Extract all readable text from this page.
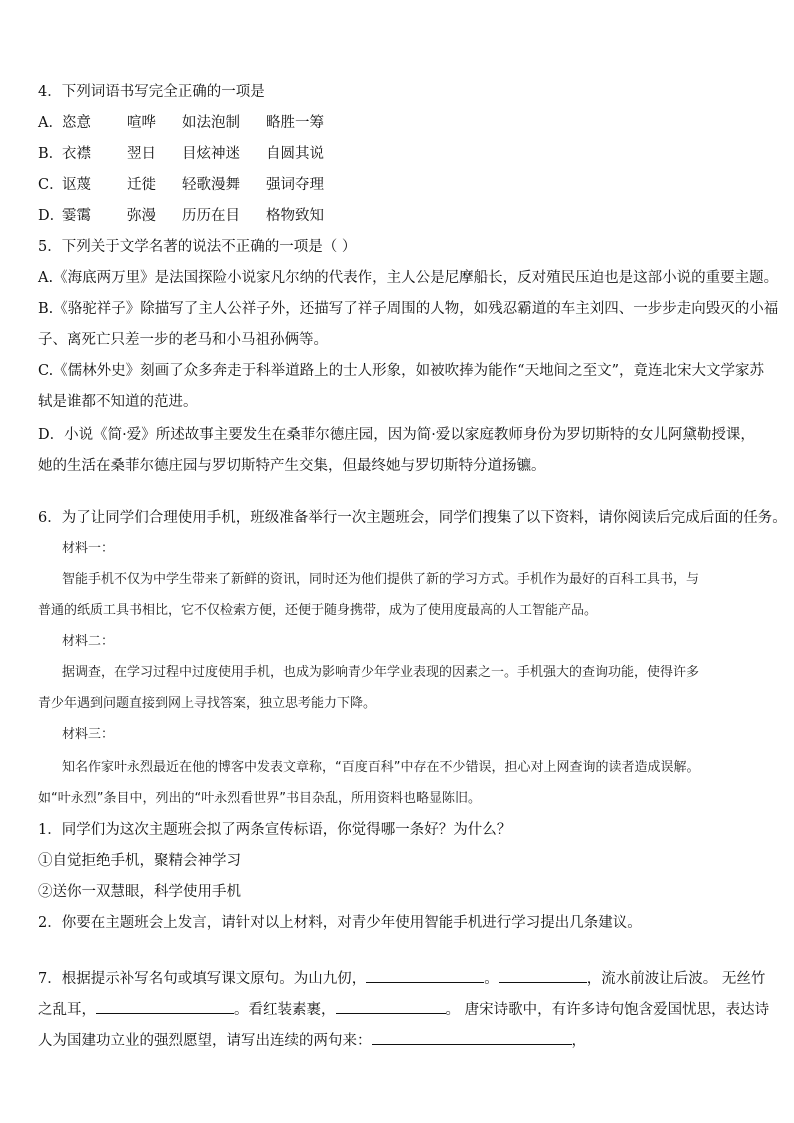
4．下列词语书写完全正确的一项是
A．恣意 喧哗 如法泡制 略胜一筹
B．衣襟 翌日 目炫神迷 自圆其说
C．讴蔑 迁徙 轻歌漫舞 强词夺理
D．霎霭 弥漫 历历在目 格物致知
5．下列关于文学名著的说法不正确的一项是（ ）
A.《海底两万里》是法国探险小说家凡尔纳的代表作，主人公是尼摩船长，反对殖民压迫也是这部小说的重要主题。
B.《骆驼祥子》除描写了主人公祥子外，还描写了祥子周围的人物，如残忍霸道的车主刘四、一步步走向毁灭的小福
子、离死亡只差一步的老马和小马祖孙俩等。
C.《儒林外史》刻画了众多奔走于科举道路上的士人形象，如被吹捧为能作“天地间之至文”，竟连北宋大文学家苏
轼是谁都不知道的范进。
D．小说《简·爱》所述故事主要发生在桑菲尔德庄园，因为简·爱以家庭教师身份为罗切斯特的女儿阿黛勒授课，
她的生活在桑菲尔德庄园与罗切斯特产生交集，但最终她与罗切斯特分道扬镳。
6．为了让同学们合理使用手机，班级准备举行一次主题班会，同学们搜集了以下资料，请你阅读后完成后面的任务。
材料一：
智能手机不仅为中学生带来了新鲜的资讯，同时还为他们提供了新的学习方式。手机作为最好的百科工具书，与
普通的纸质工具书相比，它不仅检索方便，还便于随身携带，成为了使用度最高的人工智能产品。
材料二：
据调查，在学习过程中过度使用手机，也成为影响青少年学业表现的因素之一。手机强大的查询功能，使得许多
青少年遇到问题直接到网上寻找答案，独立思考能力下降。
材料三：
知名作家叶永烈最近在他的博客中发表文章称，“百度百科”中存在不少错误，担心对上网查询的读者造成误解。
如“叶永烈”条目中，列出的“叶永烈看世界”书目杂乱，所用资料也略显陈旧。
1．同学们为这次主题班会拟了两条宣传标语，你觉得哪一条好？为什么？
①自觉拒绝手机，聚精会神学习
②送你一双慧眼，科学使用手机
2．你要在主题班会上发言，请针对以上材料，对青少年使用智能手机进行学习提出几条建议。
7．根据提示补写名句或填写课文原句。为山九仞，	。	，流水前波让后波。 无丝竹
之乱耳，	。看红装素裹，	。 唐宋诗歌中，有许多诗句饱含爱国忧思，表达诗
人为国建功立业的强烈愿望，请写出连续的两句来：	，
